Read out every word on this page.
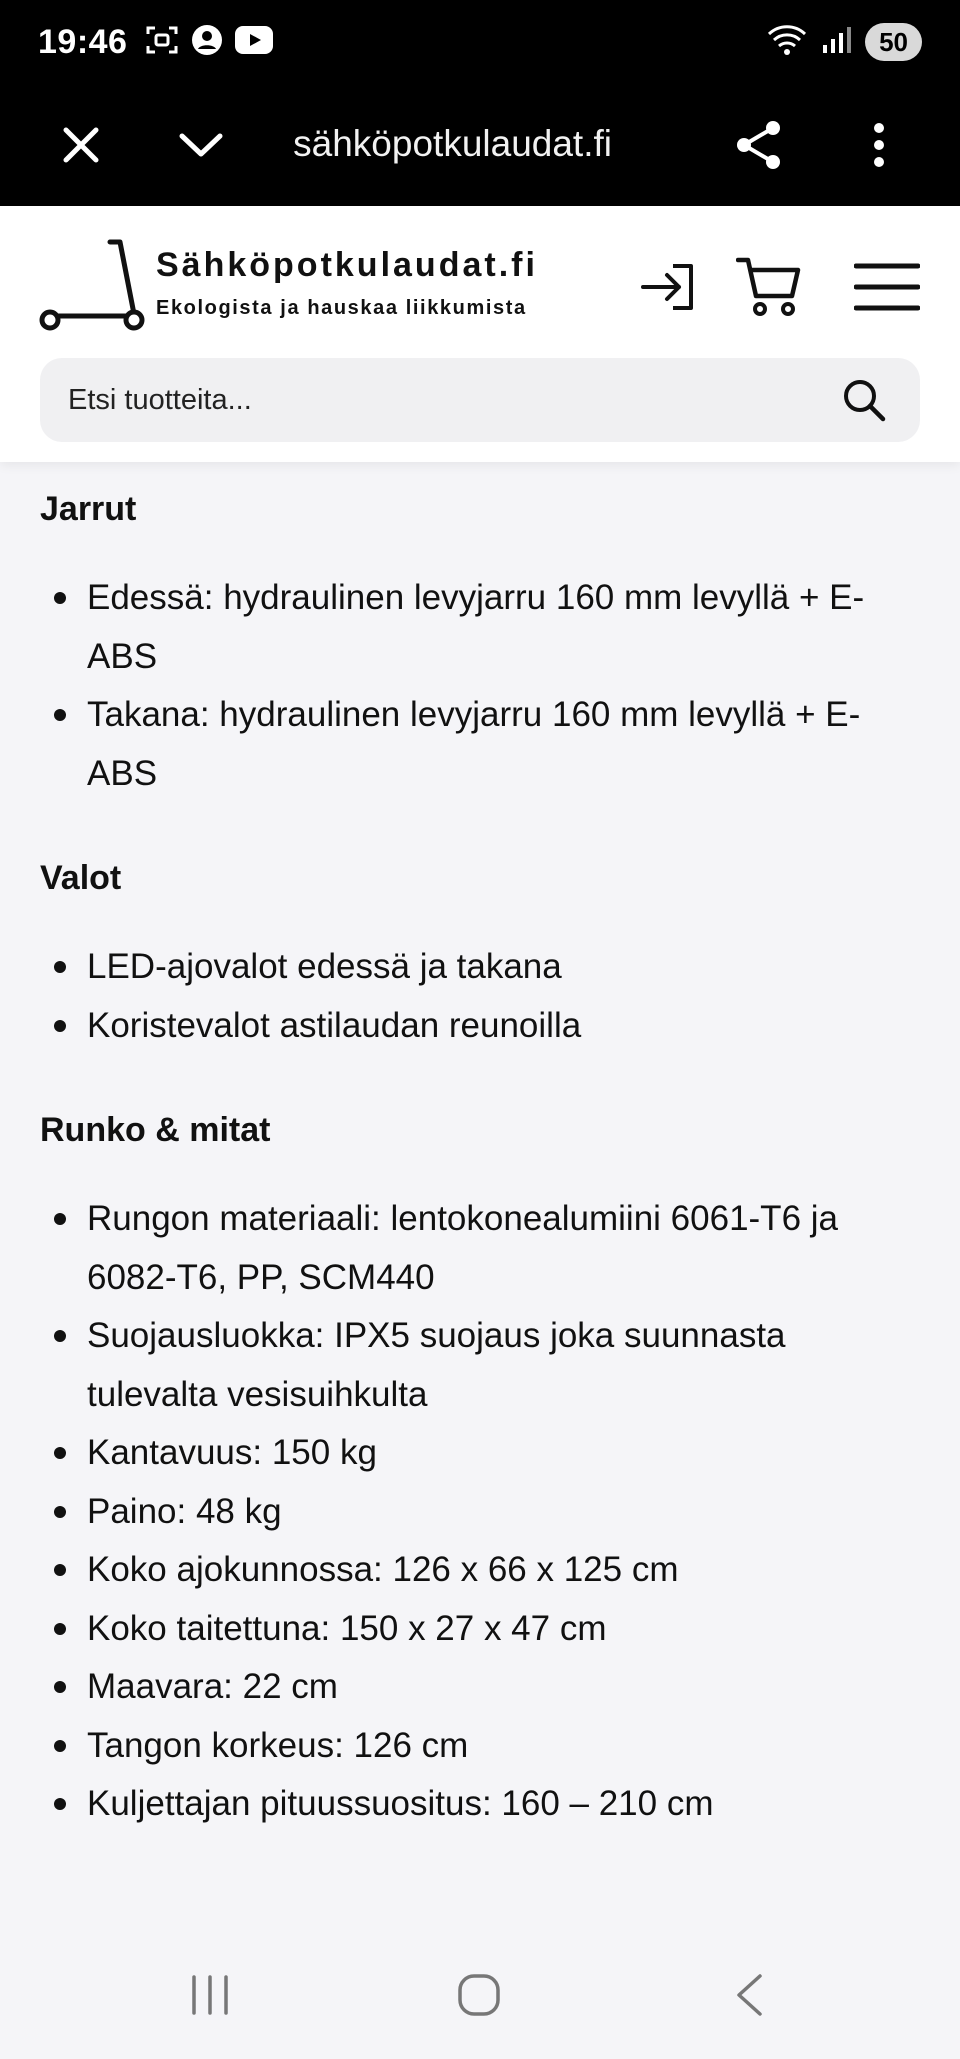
19:46	50
sähköpotkulaudat.fi
Sähköpotkulaudat.fi
Ekologista ja hauskaa liikkumista
Etsi tuotteita...
Jarrut
Edessä: hydraulinen levyjarru 160 mm levyllä + E-ABS
Takana: hydraulinen levyjarru 160 mm levyllä + E-ABS
Valot
LED-ajovalot edessä ja takana
Koristevalot astilaudan reunoilla
Runko & mitat
Rungon materiaali: lentokonealumiini 6061-T6 ja 6082-T6, PP, SCM440
Suojausluokka: IPX5 suojaus joka suunnasta tulevalta vesisuihkulta
Kantavuus: 150 kg
Paino: 48 kg
Koko ajokunnossa: 126 x 66 x 125 cm
Koko taitettuna: 150 x 27 x 47 cm
Maavara: 22 cm
Tangon korkeus: 126 cm
Kuljettajan pituussuositus: 160 – 210 cm
